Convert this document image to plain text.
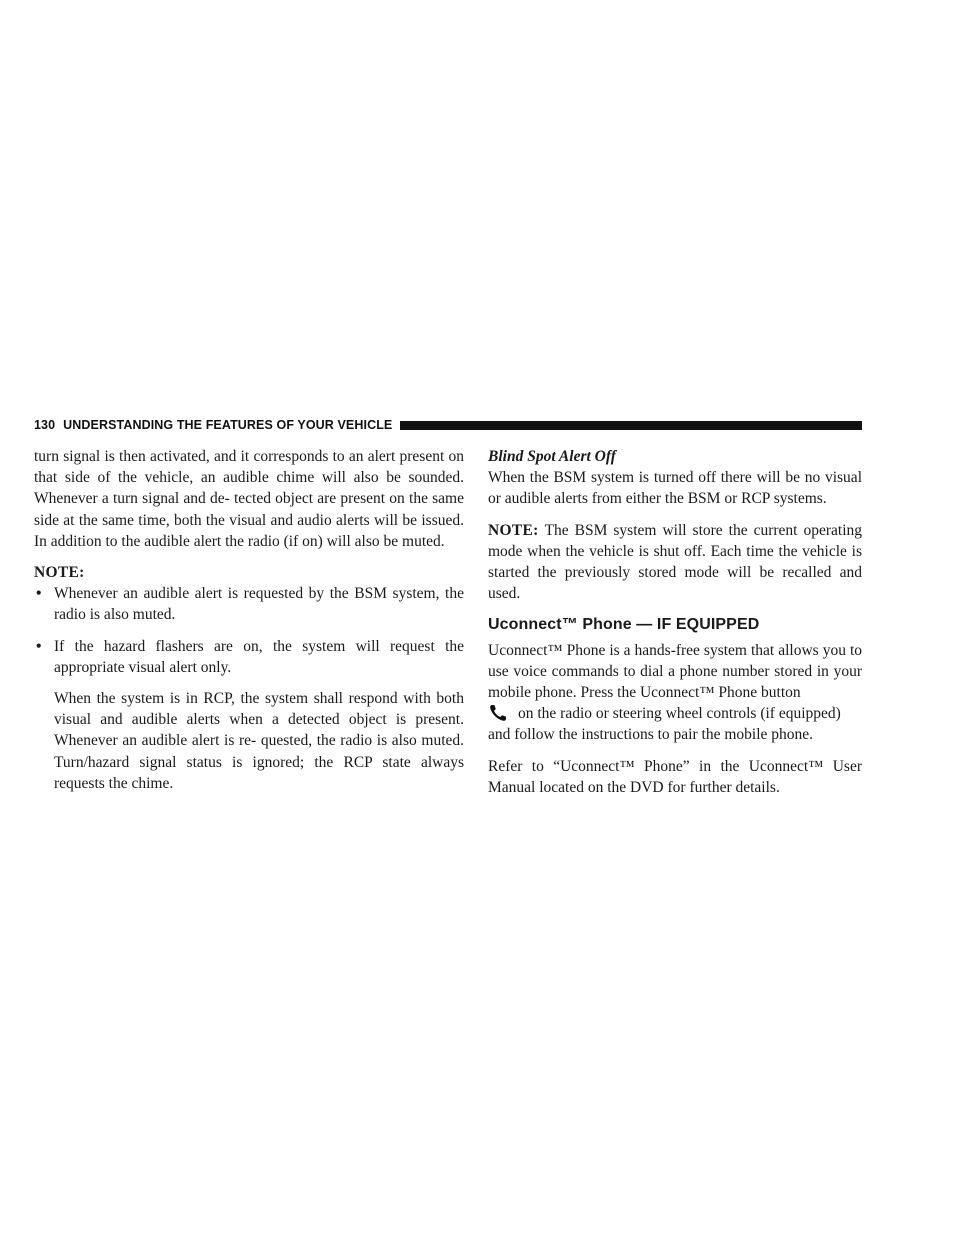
130 UNDERSTANDING THE FEATURES OF YOUR VEHICLE

turn signal is then activated, and it corresponds to an alert present on that side of the vehicle, an audible chime will also be sounded. Whenever a turn signal and de- tected object are present on the same side at the same time, both the visual and audio alerts will be issued. In addition to the audible alert the radio (if on) will also be muted.

NOTE:

• Whenever an audible alert is requested by the BSM system, the radio is also muted.
• If the hazard flashers are on, the system will request the appropriate visual alert only.

When the system is in RCP, the system shall respond with both visual and audible alerts when a detected object is present. Whenever an audible alert is re- quested, the radio is also muted. Turn/hazard signal status is ignored; the RCP state always requests the chime.

Blind Spot Alert Off

When the BSM system is turned off there will be no visual or audible alerts from either the BSM or RCP systems.

NOTE: The BSM system will store the current operating mode when the vehicle is shut off. Each time the vehicle is started the previously stored mode will be recalled and used.

Uconnect™ Phone — IF EQUIPPED

Uconnect™ Phone is a hands-free system that allows you to use voice commands to dial a phone number stored in your mobile phone. Press the Uconnect™ Phone button

on the radio or steering wheel controls (if equipped)

and follow the instructions to pair the mobile phone.

Refer to “Uconnect™ Phone” in the Uconnect™ User Manual located on the DVD for further details.
